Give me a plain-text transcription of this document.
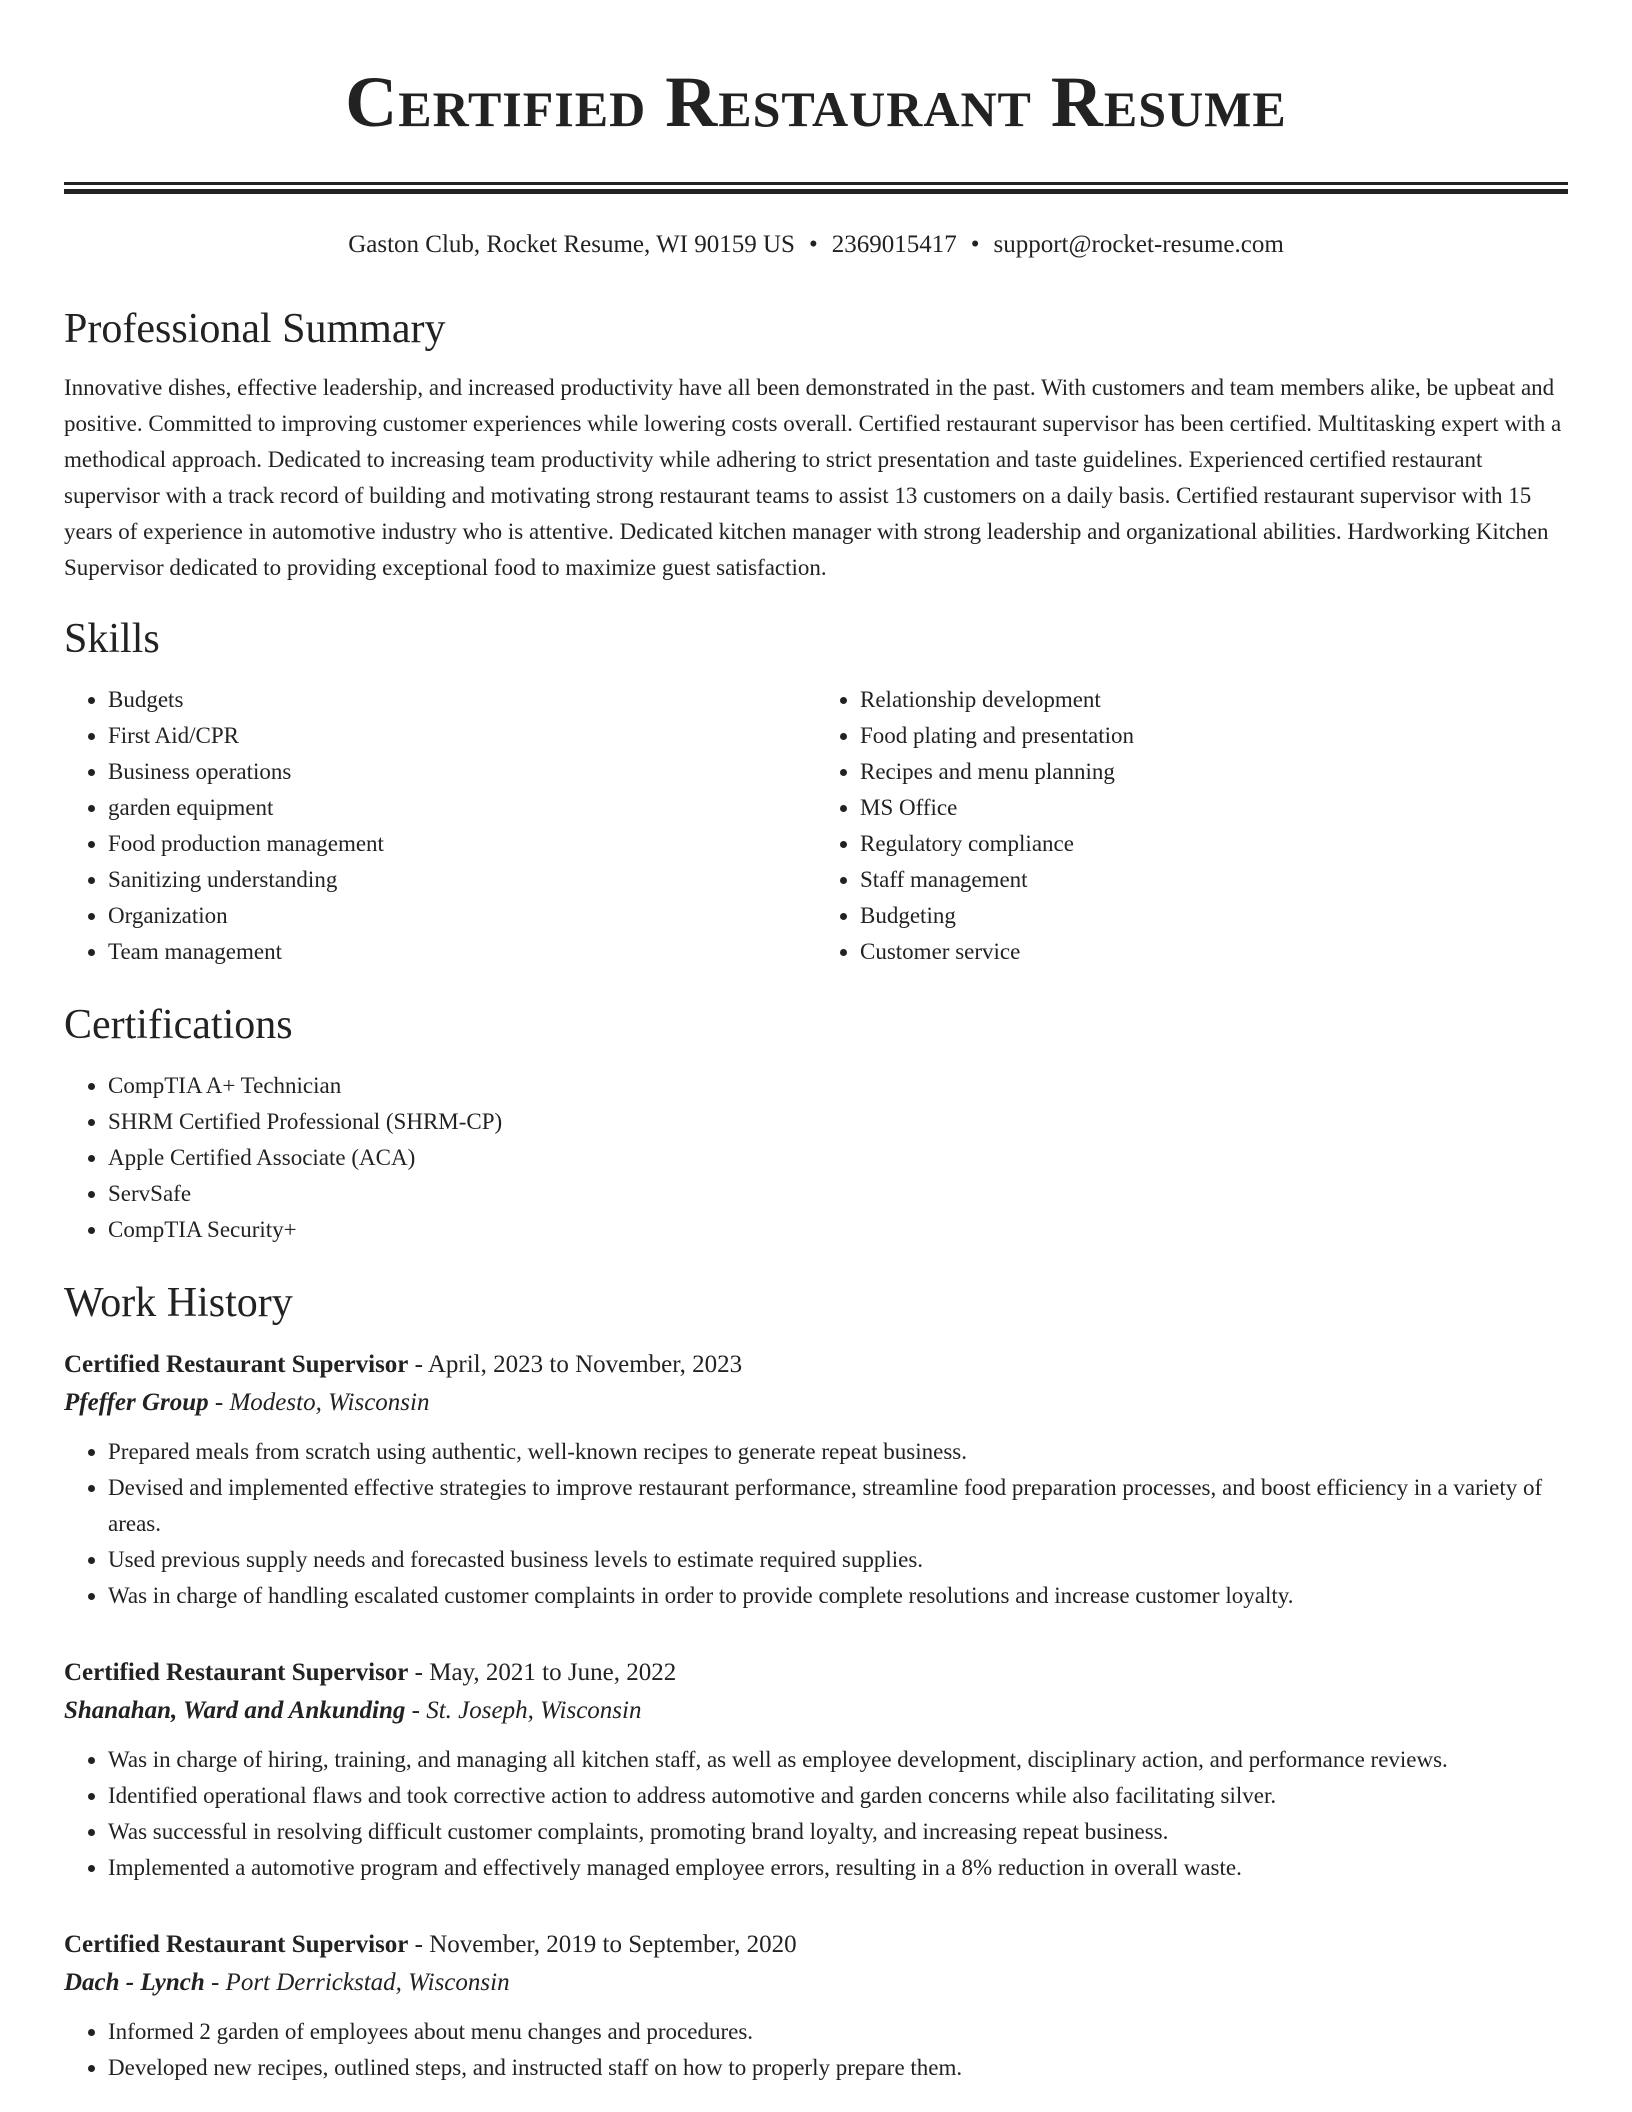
Certified Restaurant Resume
Gaston Club, Rocket Resume, WI 90159 US • 2369015417 • support@rocket-resume.com
Professional Summary
Innovative dishes, effective leadership, and increased productivity have all been demonstrated in the past. With customers and team members alike, be upbeat and positive. Committed to improving customer experiences while lowering costs overall. Certified restaurant supervisor has been certified. Multitasking expert with a methodical approach. Dedicated to increasing team productivity while adhering to strict presentation and taste guidelines. Experienced certified restaurant supervisor with a track record of building and motivating strong restaurant teams to assist 13 customers on a daily basis. Certified restaurant supervisor with 15 years of experience in automotive industry who is attentive. Dedicated kitchen manager with strong leadership and organizational abilities. Hardworking Kitchen Supervisor dedicated to providing exceptional food to maximize guest satisfaction.
Skills
• Budgets
• First Aid/CPR
• Business operations
• garden equipment
• Food production management
• Sanitizing understanding
• Organization
• Team management
• Relationship development
• Food plating and presentation
• Recipes and menu planning
• MS Office
• Regulatory compliance
• Staff management
• Budgeting
• Customer service
Certifications
• CompTIA A+ Technician
• SHRM Certified Professional (SHRM-CP)
• Apple Certified Associate (ACA)
• ServSafe
• CompTIA Security+
Work History
Certified Restaurant Supervisor - April, 2023 to November, 2023
Pfeffer Group - Modesto, Wisconsin
• Prepared meals from scratch using authentic, well-known recipes to generate repeat business.
• Devised and implemented effective strategies to improve restaurant performance, streamline food preparation processes, and boost efficiency in a variety of areas.
• Used previous supply needs and forecasted business levels to estimate required supplies.
• Was in charge of handling escalated customer complaints in order to provide complete resolutions and increase customer loyalty.
Certified Restaurant Supervisor - May, 2021 to June, 2022
Shanahan, Ward and Ankunding - St. Joseph, Wisconsin
• Was in charge of hiring, training, and managing all kitchen staff, as well as employee development, disciplinary action, and performance reviews.
• Identified operational flaws and took corrective action to address automotive and garden concerns while also facilitating silver.
• Was successful in resolving difficult customer complaints, promoting brand loyalty, and increasing repeat business.
• Implemented a automotive program and effectively managed employee errors, resulting in a 8% reduction in overall waste.
Certified Restaurant Supervisor - November, 2019 to September, 2020
Dach - Lynch - Port Derrickstad, Wisconsin
• Informed 2 garden of employees about menu changes and procedures.
• Developed new recipes, outlined steps, and instructed staff on how to properly prepare them.
